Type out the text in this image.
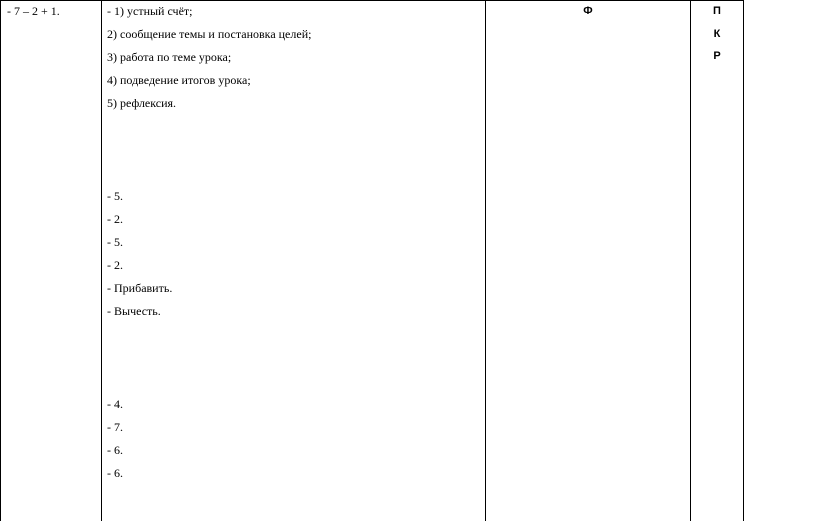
- 7 – 2 + 1.	- 1) устный счёт;
2) сообщение темы и постановка целей;
3) работа по теме урока;
4) подведение итогов урока;
5) рефлексия.
- 5.
- 2.
- 5.
- 2.
- Прибавить.
- Вычесть.
- 4.
- 7.
- 6.
- 6.
Ф	П
К
Р
